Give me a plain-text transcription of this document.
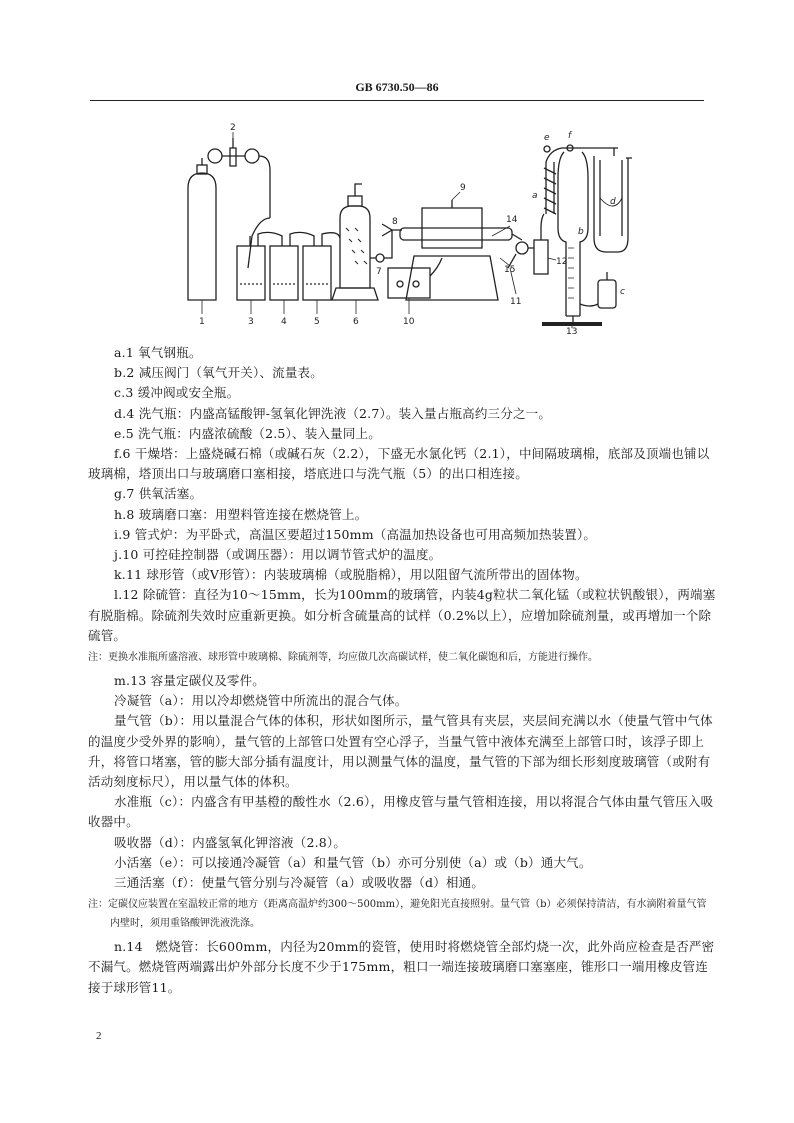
GB 6730.50—86
1
2
3	4	5	6
7
8
9
10
11
12
13
14
15
e f
a
b
c
d

a.1 氧气钢瓶。

b.2 减压阀门（氧气开关）、流量表。

c.3 缓冲阀或安全瓶。

d.4 洗气瓶：内盛高锰酸钾-氢氧化钾洗液（2.7）。装入量占瓶高约三分之一。

e.5 洗气瓶：内盛浓硫酸（2.5）、装入量同上。

f.6 干燥塔：上盛烧碱石棉（或碱石灰（2.2），下盛无水氯化钙（2.1），中间隔玻璃棉，底部及顶端也铺以玻璃棉，塔顶出口与玻璃磨口塞相接，塔底进口与洗气瓶（5）的出口相连接。

g.7 供氧活塞。

h.8 玻璃磨口塞：用塑料管连接在燃烧管上。

i.9 管式炉：为平卧式，高温区要超过150mm（高温加热设备也可用高频加热装置）。

j.10 可控硅控制器（或调压器）：用以调节管式炉的温度。

k.11 球形管（或V形管）：内装玻璃棉（或脱脂棉），用以阻留气流所带出的固体物。

l.12 除硫管：直径为10～15mm，长为100mm的玻璃管，内装4g粒状二氧化锰（或粒状钒酸银），两端塞有脱脂棉。除硫剂失效时应重新更换。如分析含硫量高的试样（0.2%以上），应增加除硫剂量，或再增加一个除硫管。

注：更换水准瓶所盛溶液、球形管中玻璃棉、除硫剂等，均应做几次高碳试样，使二氧化碳饱和后，方能进行操作。

m.13 容量定碳仪及零件。

冷凝管（a）：用以冷却燃烧管中所流出的混合气体。

量气管（b）：用以量混合气体的体积，形状如图所示，量气管具有夹层，夹层间充满以水（使量气管中气体的温度少受外界的影响），量气管的上部管口处置有空心浮子，当量气管中液体充满至上部管口时，该浮子即上升，将管口堵塞，管的膨大部分插有温度计，用以测量气体的温度，量气管的下部为细长形刻度玻璃管（或附有活动刻度标尺），用以量气体的体积。

水准瓶（c）：内盛含有甲基橙的酸性水（2.6），用橡皮管与量气管相连接，用以将混合气体由量气管压入吸收器中。

吸收器（d）：内盛氢氧化钾溶液（2.8）。

小活塞（e）：可以接通冷凝管（a）和量气管（b）亦可分别使（a）或（b）通大气。

三通活塞（f）：使量气管分别与冷凝管（a）或吸收器（d）相通。

注：定碳仪应装置在室温较正常的地方（距离高温炉约300～500mm），避免阳光直接照射。量气管（b）必须保持清洁，有水滴附着量气管内壁时，须用重铬酸钾洗液洗涤。

n.14　燃烧管：长600mm，内径为20mm的瓷管，使用时将燃烧管全部灼烧一次，此外尚应检查是否严密不漏气。燃烧管两端露出炉外部分长度不少于175mm，粗口一端连接玻璃磨口塞塞座，锥形口一端用橡皮管连接于球形管11。

2
